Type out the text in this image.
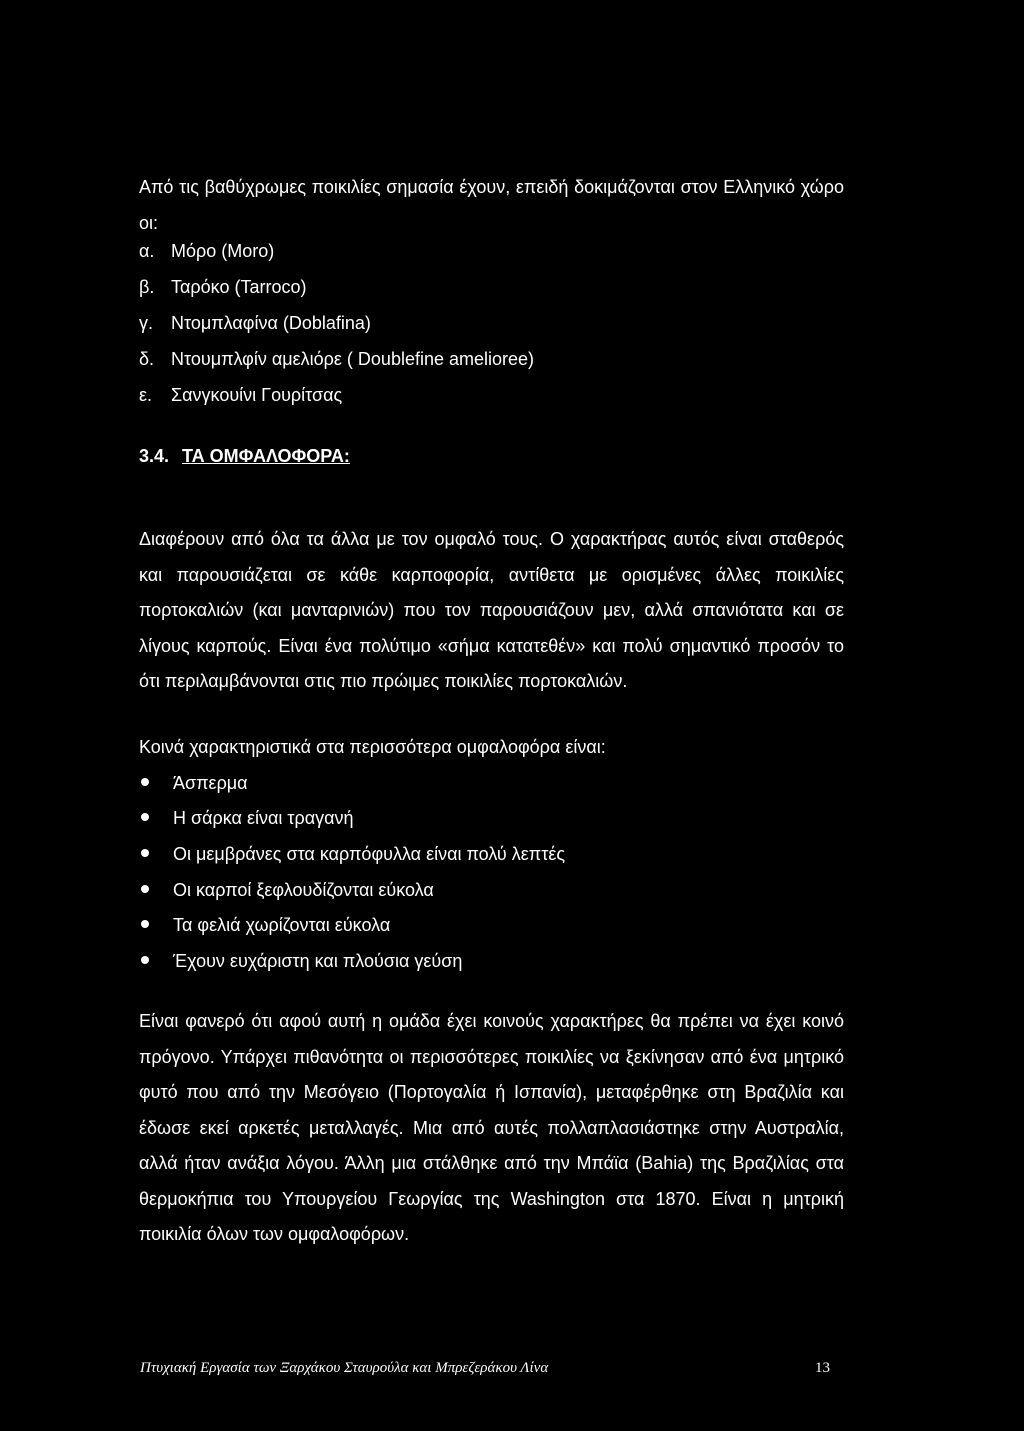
Από τις βαθύχρωμες ποικιλίες σημασία έχουν, επειδή δοκιμάζονται στον Ελληνικό χώρο οι:

α. Μόρο (Moro)
β. Ταρόκο (Tarroco)
γ. Ντομπλαφίνα (Doblafina)
δ. Ντουμπλφίν αμελιόρε ( Doublefine amelioree)
ε. Σανγκουίνι Γουρίτσας
3.4. ΤΑ ΟΜΦΑΛΟΦΟΡΑ:

Διαφέρουν από όλα τα άλλα με τον ομφαλό τους. Ο χαρακτήρας αυτός είναι σταθερός και παρουσιάζεται σε κάθε καρποφορία, αντίθετα με ορισμένες άλλες ποικιλίες πορτοκαλιών (και μανταρινιών) που τον παρουσιάζουν μεν, αλλά σπανιότατα και σε λίγους καρπούς. Είναι ένα πολύτιμο «σήμα κατατεθέν» και πολύ σημαντικό προσόν το ότι περιλαμβάνονται στις πιο πρώιμες ποικιλίες πορτοκαλιών.

Κοινά χαρακτηριστικά στα περισσότερα ομφαλοφόρα είναι:
Άσπερμα
Η σάρκα είναι τραγανή
Οι μεμβράνες στα καρπόφυλλα είναι πολύ λεπτές
Οι καρποί ξεφλουδίζονται εύκολα
Τα φελιά χωρίζονται εύκολα
Έχουν ευχάριστη και πλούσια γεύση

Είναι φανερό ότι αφού αυτή η ομάδα έχει κοινούς χαρακτήρες θα πρέπει να έχει κοινό πρόγονο. Υπάρχει πιθανότητα οι περισσότερες ποικιλίες να ξεκίνησαν από ένα μητρικό φυτό που από την Μεσόγειο (Πορτογαλία ή Ισπανία), μεταφέρθηκε στη Βραζιλία και έδωσε εκεί αρκετές μεταλλαγές. Μια από αυτές πολλαπλασιάστηκε στην Αυστραλία, αλλά ήταν ανάξια λόγου. Άλλη μια στάλθηκε από την Μπάϊα (Bahia) της Βραζιλίας στα θερμοκήπια του Υπουργείου Γεωργίας της Washington στα 1870. Είναι η μητρική ποικιλία όλων των ομφαλοφόρων.

Πτυχιακή Εργασία των Ξαρχάκου Σταυρούλα και Μπρεζεράκου Λίνα	13
